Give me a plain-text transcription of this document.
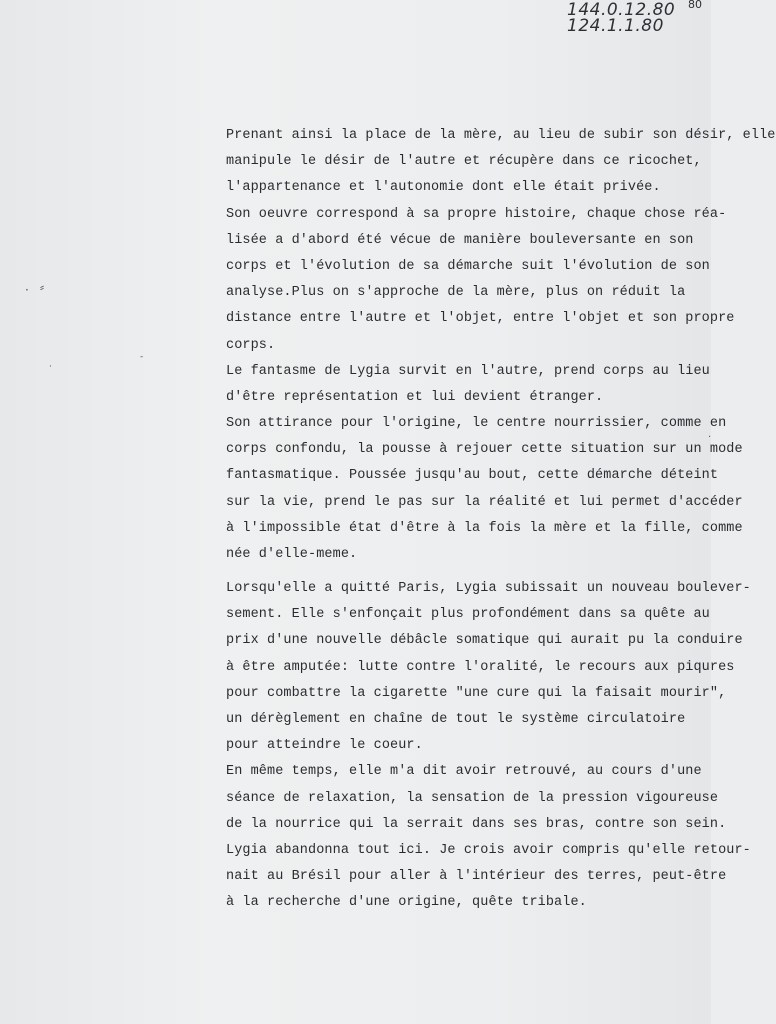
144.0.12.80
124.1.1.80
80
· ⸗
·
-
·
Prenant ainsi la place de la mère, au lieu de subir son désir, elle
manipule le désir de l'autre et récupère dans ce ricochet,
l'appartenance et l'autonomie dont elle était privée.
Son oeuvre correspond à sa propre histoire, chaque chose réa-
lisée a d'abord été vécue de manière bouleversante en son
corps et l'évolution de sa démarche suit l'évolution de son
analyse.Plus on s'approche de la mère, plus on réduit la
distance entre l'autre et l'objet, entre l'objet et son propre
corps.
Le fantasme de Lygia survit en l'autre, prend corps au lieu
d'être représentation et lui devient étranger.
Son attirance pour l'origine, le centre nourrissier, comme en
corps confondu, la pousse à rejouer cette situation sur un mode
fantasmatique. Poussée jusqu'au bout, cette démarche déteint
sur la vie, prend le pas sur la réalité et lui permet d'accéder
à l'impossible état d'être à la fois la mère et la fille, comme
née d'elle-meme.
Lorsqu'elle a quitté Paris, Lygia subissait un nouveau boulever-
sement. Elle s'enfonçait plus profondément dans sa quête au
prix d'une nouvelle débâcle somatique qui aurait pu la conduire
à être amputée: lutte contre l'oralité, le recours aux piqures
pour combattre la cigarette "une cure qui la faisait mourir",
un dérèglement en chaîne de tout le système circulatoire
pour atteindre le coeur.
En même temps, elle m'a dit avoir retrouvé, au cours d'une
séance de relaxation, la sensation de la pression vigoureuse
de la nourrice qui la serrait dans ses bras, contre son sein.
Lygia abandonna tout ici. Je crois avoir compris qu'elle retour-
nait au Brésil pour aller à l'intérieur des terres, peut-être
à la recherche d'une origine, quête tribale.
